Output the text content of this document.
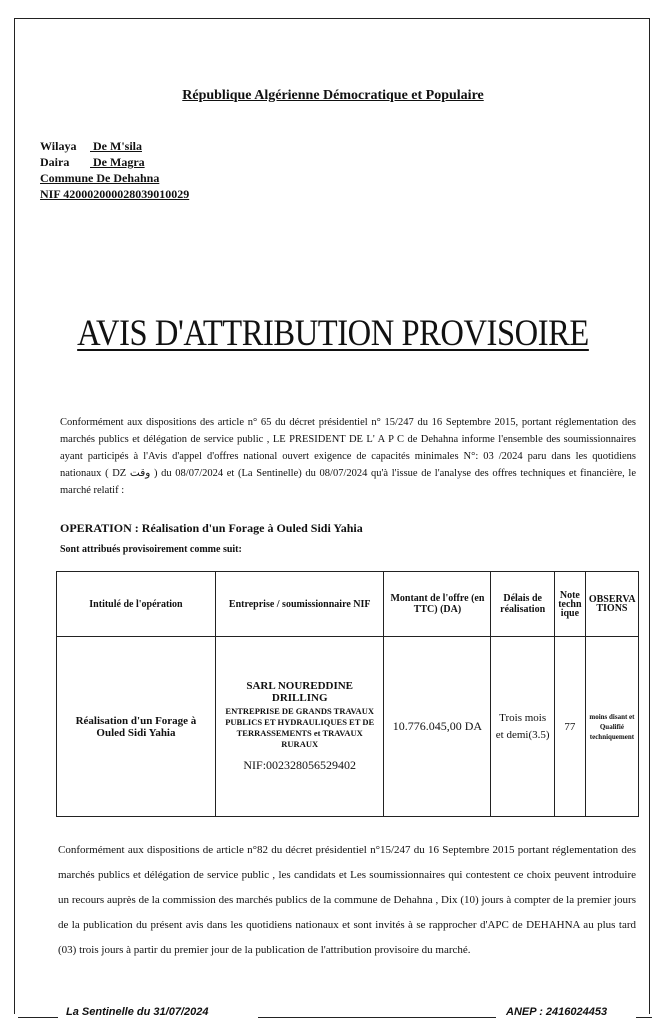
République Algérienne Démocratique et Populaire
Wilaya De M'sila
Daira De Magra
Commune De Dehahna
NIF 420002000028039010029
AVIS D'ATTRIBUTION PROVISOIRE
Conformément aux dispositions des article n° 65 du décret présidentiel n° 15/247 du 16 Septembre 2015, portant réglementation des marchés publics et délégation de service public , LE PRESIDENT DE L' A P C de Dehahna informe l'ensemble des soumissionnaires ayant participés à l'Avis d'appel d'offres national ouvert exigence de capacités minimales N°: 03 /2024 paru dans les quotidiens nationaux ( DZ وقت ) du 08/07/2024 et (La Sentinelle) du 08/07/2024 qu'à l'issue de l'analyse des offres techniques et financière, le marché relatif :
OPERATION : Réalisation d'un Forage à Ouled Sidi Yahia
Sont attribués provisoirement comme suit:
Intitulé de l'opération	Entreprise / soumissionnaire NIF	Montant de l'offre (en TTC) (DA)	Délais de réalisation	Note techn ique	OBSERVA TIONS
Réalisation d'un Forage à Ouled Sidi Yahia	SARL NOUREDDINE DRILLING
ENTREPRISE DE GRANDS TRAVAUX PUBLICS ET HYDRAULIQUES ET DE TERRASSEMENTS et TRAVAUX RURAUX
NIF:002328056529402	10.776.045,00 DA	Trois mois et demi(3.5)	77	moins disant et Qualifié techniquement
Conformément aux dispositions de article n°82 du décret présidentiel n°15/247 du 16 Septembre 2015 portant réglementation des marchés publics et délégation de service public , les candidats et Les soumissionnaires qui contestent ce choix peuvent introduire un recours auprès de la commission des marchés publics de la commune de Dehahna , Dix (10) jours à compter de la premier jours de la publication du présent avis dans les quotidiens nationaux et sont invités à se rapprocher d'APC de DEHAHNA au plus tard (03) trois jours à partir du premier jour de la publication de l'attribution provisoire du marché.
La Sentinelle du 31/07/2024	ANEP : 2416024453
